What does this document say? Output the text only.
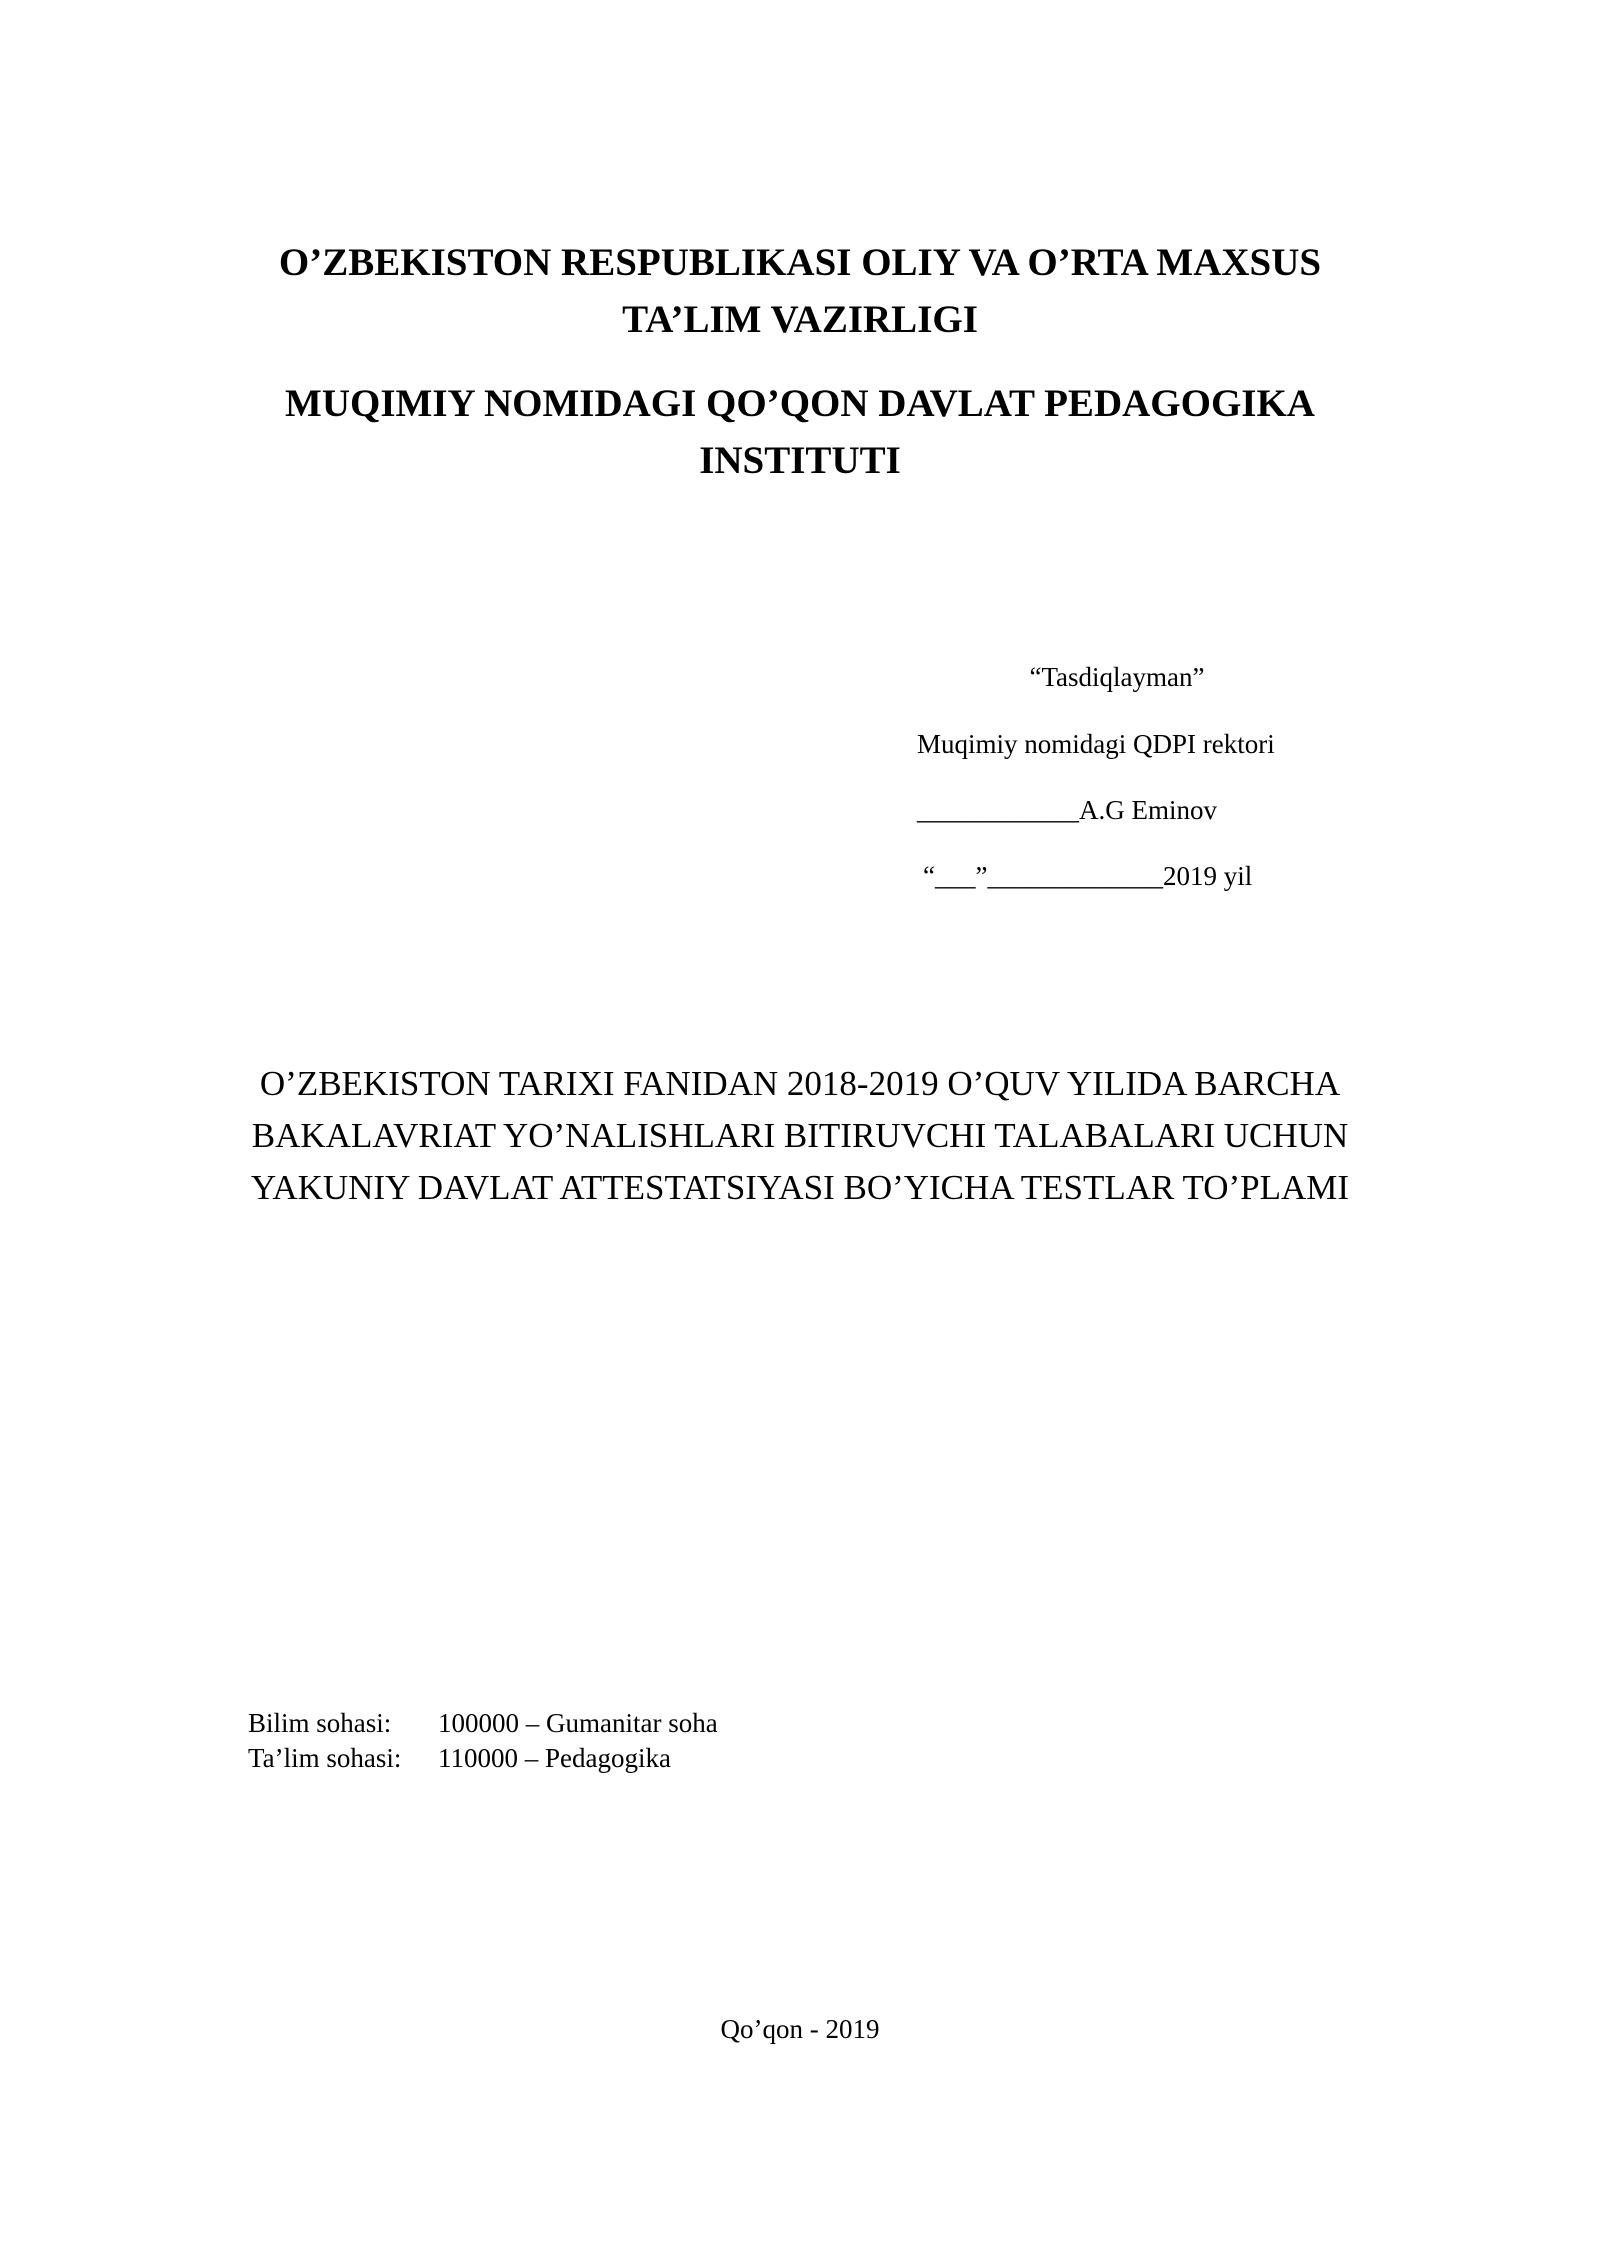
O’ZBEKISTON RESPUBLIKASI OLIY VA O’RTA MAXSUS
TA’LIM VAZIRLIGI
MUQIMIY NOMIDAGI QO’QON DAVLAT PEDAGOGIKA
INSTITUTI
“Tasdiqlayman”
Muqimiy nomidagi QDPI rektori
____________A.G Eminov
“___”_____________2019 yil
O’ZBEKISTON TARIXI FANIDAN 2018-2019 O’QUV YILIDA BARCHA
BAKALAVRIAT YO’NALISHLARI BITIRUVCHI TALABALARI UCHUN
YAKUNIY DAVLAT ATTESTATSIYASI BO’YICHA TESTLAR TO’PLAMI
Bilim sohasi:	100000 – Gumanitar soha
Ta’lim sohasi:	110000 – Pedagogika
Qo’qon - 2019
